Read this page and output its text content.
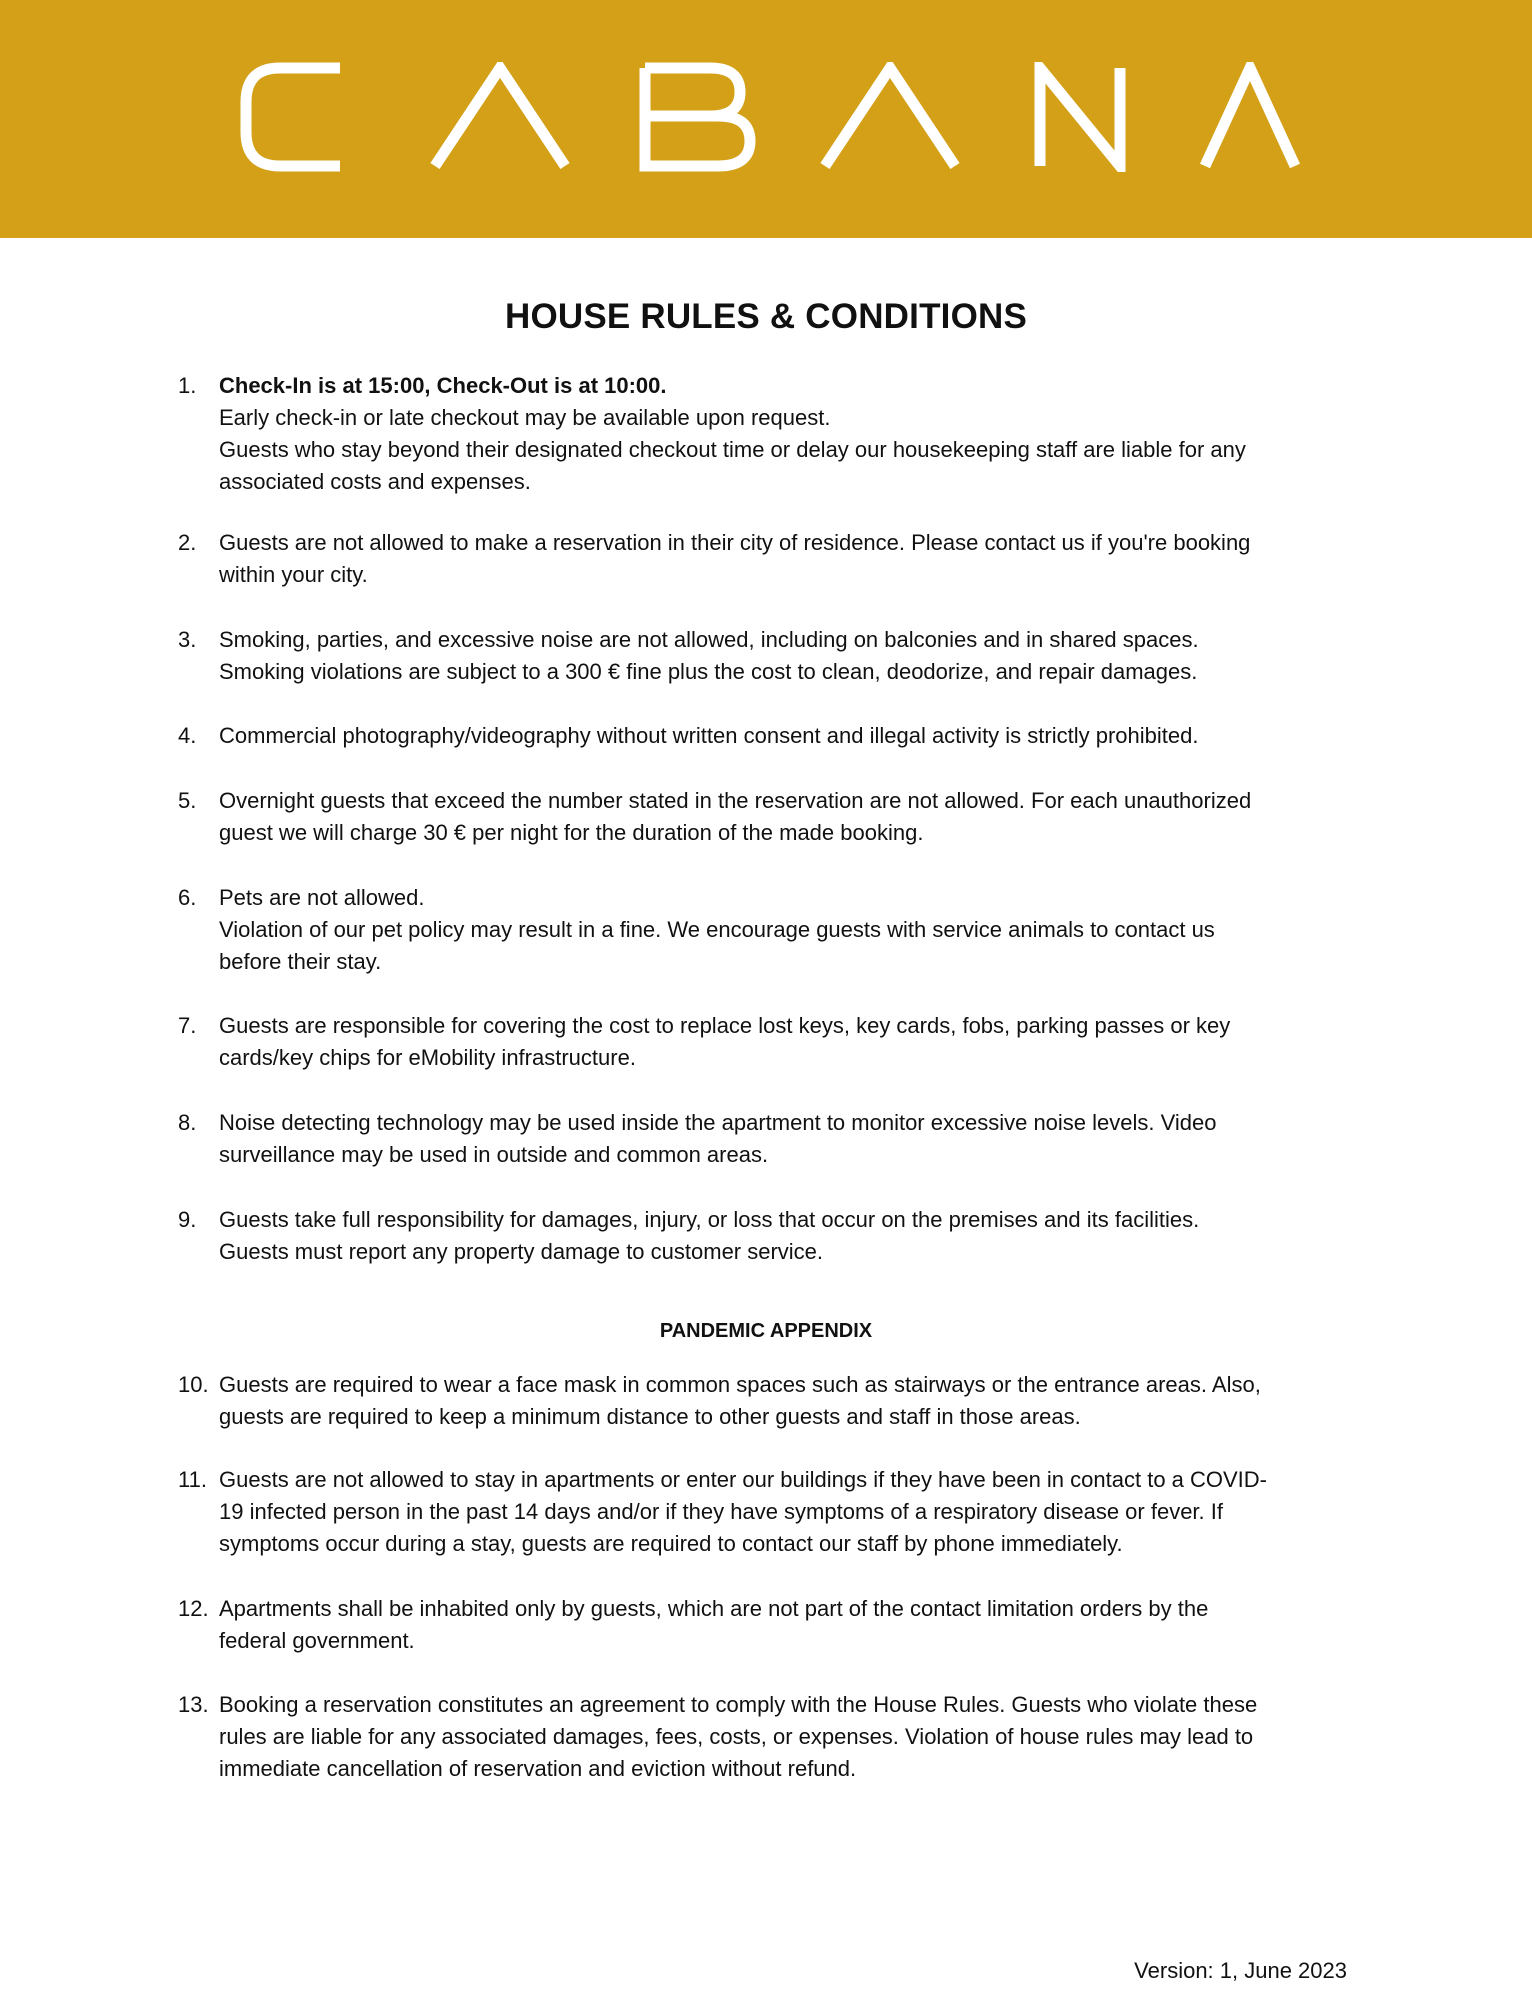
HOUSE RULES & CONDITIONS
1.	Check-In is at 15:00, Check-Out is at 10:00.
Early check-in or late checkout may be available upon request.
Guests who stay beyond their designated checkout time or delay our housekeeping staff are liable for any
associated costs and expenses.
2.	Guests are not allowed to make a reservation in their city of residence. Please contact us if you're booking
within your city.
3.	Smoking, parties, and excessive noise are not allowed, including on balconies and in shared spaces.
Smoking violations are subject to a 300 € fine plus the cost to clean, deodorize, and repair damages.
4.	Commercial photography/videography without written consent and illegal activity is strictly prohibited.
5.	Overnight guests that exceed the number stated in the reservation are not allowed. For each unauthorized
guest we will charge 30 € per night for the duration of the made booking.
6.	Pets are not allowed.
Violation of our pet policy may result in a fine. We encourage guests with service animals to contact us
before their stay.
7.	Guests are responsible for covering the cost to replace lost keys, key cards, fobs, parking passes or key
cards/key chips for eMobility infrastructure.
8.	Noise detecting technology may be used inside the apartment to monitor excessive noise levels. Video
surveillance may be used in outside and common areas.
9.	Guests take full responsibility for damages, injury, or loss that occur on the premises and its facilities.
Guests must report any property damage to customer service.
10. Guests are required to wear a face mask in common spaces such as stairways or the entrance areas. Also,
guests are required to keep a minimum distance to other guests and staff in those areas.
11. Guests are not allowed to stay in apartments or enter our buildings if they have been in contact to a COVID-
19 infected person in the past 14 days and/or if they have symptoms of a respiratory disease or fever. If
symptoms occur during a stay, guests are required to contact our staff by phone immediately.
12. Apartments shall be inhabited only by guests, which are not part of the contact limitation orders by the
federal government.
13. Booking a reservation constitutes an agreement to comply with the House Rules. Guests who violate these
rules are liable for any associated damages, fees, costs, or expenses. Violation of house rules may lead to
immediate cancellation of reservation and eviction without refund.
PANDEMIC APPENDIX
Version: 1, June 2023
